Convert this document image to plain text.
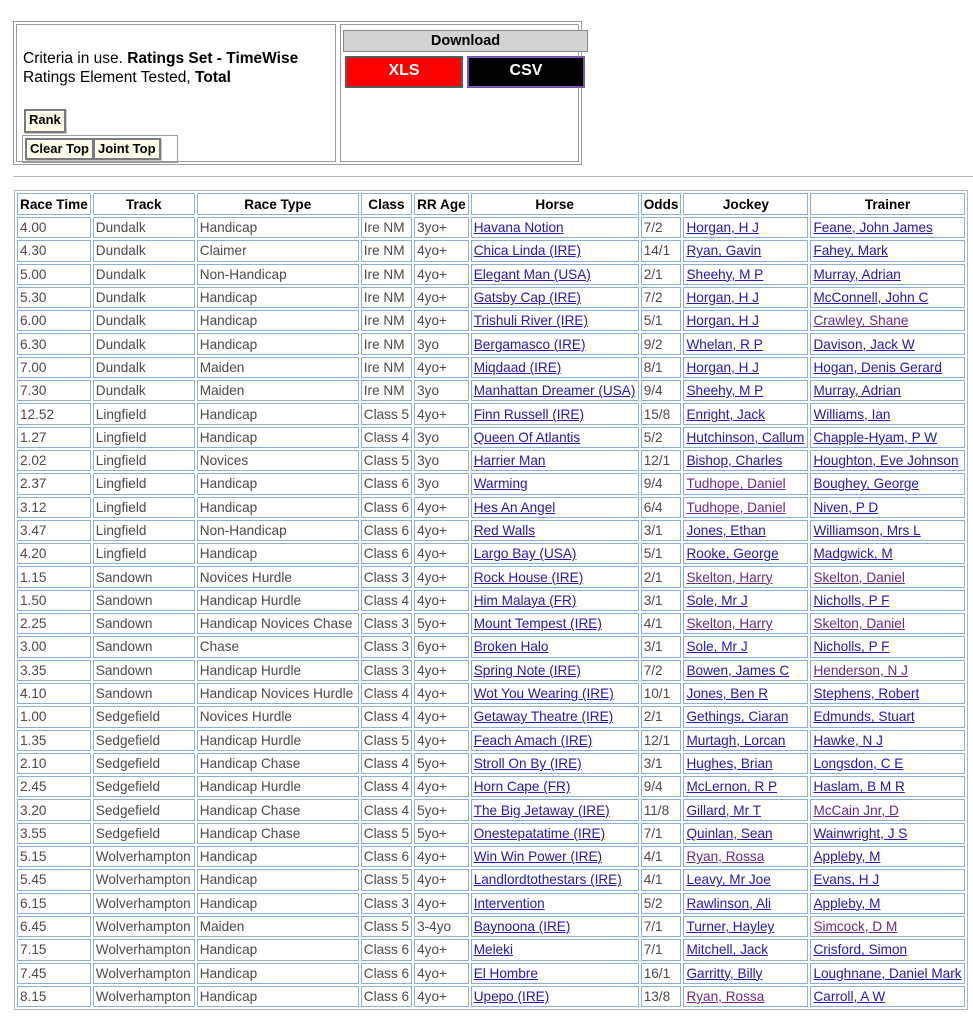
Criteria in use. Ratings Set - TimeWise
Ratings Element Tested, Total
Rank
Clear Top Joint Top
Download
XLS	CSV
Race Time	Track	Race Type	Class	RR Age	Horse	Odds	Jockey	Trainer
4.00	Dundalk	Handicap	Ire NM	3yo+	Havana Notion	7/2	Horgan, H J	Feane, John James
4.30	Dundalk	Claimer	Ire NM	4yo+	Chica Linda (IRE)	14/1	Ryan, Gavin	Fahey, Mark
5.00	Dundalk	Non-Handicap	Ire NM	4yo+	Elegant Man (USA)	2/1	Sheehy, M P	Murray, Adrian
5.30	Dundalk	Handicap	Ire NM	4yo+	Gatsby Cap (IRE)	7/2	Horgan, H J	McConnell, John C
6.00	Dundalk	Handicap	Ire NM	4yo+	Trishuli River (IRE)	5/1	Horgan, H J	Crawley, Shane
6.30	Dundalk	Handicap	Ire NM	3yo	Bergamasco (IRE)	9/2	Whelan, R P	Davison, Jack W
7.00	Dundalk	Maiden	Ire NM	4yo+	Miqdaad (IRE)	8/1	Horgan, H J	Hogan, Denis Gerard
7.30	Dundalk	Maiden	Ire NM	3yo	Manhattan Dreamer (USA)	9/4	Sheehy, M P	Murray, Adrian
12.52	Lingfield	Handicap	Class 5	4yo+	Finn Russell (IRE)	15/8	Enright, Jack	Williams, Ian
1.27	Lingfield	Handicap	Class 4	3yo	Queen Of Atlantis	5/2	Hutchinson, Callum	Chapple-Hyam, P W
2.02	Lingfield	Novices	Class 5	3yo	Harrier Man	12/1	Bishop, Charles	Houghton, Eve Johnson
2.37	Lingfield	Handicap	Class 6	3yo	Warming	9/4	Tudhope, Daniel	Boughey, George
3.12	Lingfield	Handicap	Class 6	4yo+	Hes An Angel	6/4	Tudhope, Daniel	Niven, P D
3.47	Lingfield	Non-Handicap	Class 6	4yo+	Red Walls	3/1	Jones, Ethan	Williamson, Mrs L
4.20	Lingfield	Handicap	Class 6	4yo+	Largo Bay (USA)	5/1	Rooke, George	Madgwick, M
1.15	Sandown	Novices Hurdle	Class 3	4yo+	Rock House (IRE)	2/1	Skelton, Harry	Skelton, Daniel
1.50	Sandown	Handicap Hurdle	Class 4	4yo+	Him Malaya (FR)	3/1	Sole, Mr J	Nicholls, P F
2.25	Sandown	Handicap Novices Chase	Class 3	5yo+	Mount Tempest (IRE)	4/1	Skelton, Harry	Skelton, Daniel
3.00	Sandown	Chase	Class 3	6yo+	Broken Halo	3/1	Sole, Mr J	Nicholls, P F
3.35	Sandown	Handicap Hurdle	Class 3	4yo+	Spring Note (IRE)	7/2	Bowen, James C	Henderson, N J
4.10	Sandown	Handicap Novices Hurdle	Class 4	4yo+	Wot You Wearing (IRE)	10/1	Jones, Ben R	Stephens, Robert
1.00	Sedgefield	Novices Hurdle	Class 4	4yo+	Getaway Theatre (IRE)	2/1	Gethings, Ciaran	Edmunds, Stuart
1.35	Sedgefield	Handicap Hurdle	Class 5	4yo+	Feach Amach (IRE)	12/1	Murtagh, Lorcan	Hawke, N J
2.10	Sedgefield	Handicap Chase	Class 4	5yo+	Stroll On By (IRE)	3/1	Hughes, Brian	Longsdon, C E
2.45	Sedgefield	Handicap Hurdle	Class 4	4yo+	Horn Cape (FR)	9/4	McLernon, R P	Haslam, B M R
3.20	Sedgefield	Handicap Chase	Class 4	5yo+	The Big Jetaway (IRE)	11/8	Gillard, Mr T	McCain Jnr, D
3.55	Sedgefield	Handicap Chase	Class 5	5yo+	Onestepatatime (IRE)	7/1	Quinlan, Sean	Wainwright, J S
5.15	Wolverhampton	Handicap	Class 6	4yo+	Win Win Power (IRE)	4/1	Ryan, Rossa	Appleby, M
5.45	Wolverhampton	Handicap	Class 5	4yo+	Landlordtothestars (IRE)	4/1	Leavy, Mr Joe	Evans, H J
6.15	Wolverhampton	Handicap	Class 3	4yo+	Intervention	5/2	Rawlinson, Ali	Appleby, M
6.45	Wolverhampton	Maiden	Class 5	3-4yo	Baynoona (IRE)	7/1	Turner, Hayley	Simcock, D M
7.15	Wolverhampton	Handicap	Class 6	4yo+	Meleki	7/1	Mitchell, Jack	Crisford, Simon
7.45	Wolverhampton	Handicap	Class 6	4yo+	El Hombre	16/1	Garritty, Billy	Loughnane, Daniel Mark
8.15	Wolverhampton	Handicap	Class 6	4yo+	Upepo (IRE)	13/8	Ryan, Rossa	Carroll, A W
